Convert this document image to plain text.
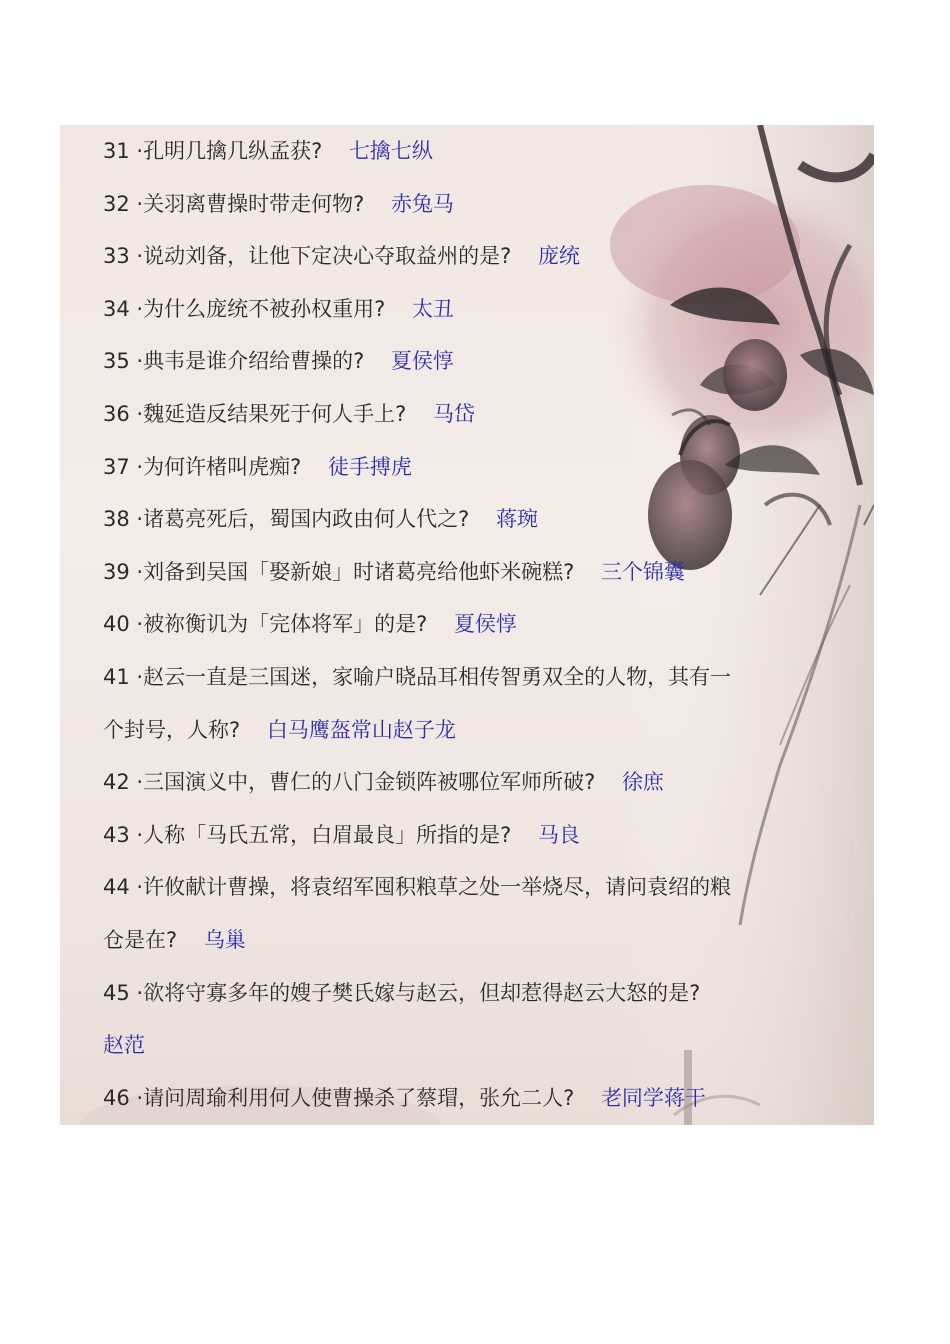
31 ·孔明几擒几纵孟获? 七擒七纵
32 ·关羽离曹操时带走何物? 赤兔马
33 ·说动刘备，让他下定决心夺取益州的是? 庞统
34 ·为什么庞统不被孙权重用? 太丑
35 ·典韦是谁介绍给曹操的? 夏侯惇
36 ·魏延造反结果死于何人手上? 马岱
37 ·为何许楮叫虎痴? 徒手搏虎
38 ·诸葛亮死后，蜀国内政由何人代之? 蒋琬
39 ·刘备到吴国「娶新娘」时诸葛亮给他虾米碗糕? 三个锦囊
40 ·被祢衡讥为「完体将军」的是? 夏侯惇
41 ·赵云一直是三国迷，家喻户晓品耳相传智勇双全的人物，其有一
个封号，人称? 白马鹰盔常山赵子龙
42 ·三国演义中，曹仁的八门金锁阵被哪位军师所破? 徐庶
43 ·人称「马氏五常，白眉最良」所指的是? 马良
44 ·许攸献计曹操，将袁绍军囤积粮草之处一举烧尽，请问袁绍的粮
仓是在? 乌巢
45 ·欲将守寡多年的嫂子樊氏嫁与赵云，但却惹得赵云大怒的是?
赵范
46 ·请问周瑜利用何人使曹操杀了蔡瑁，张允二人? 老同学蒋干
